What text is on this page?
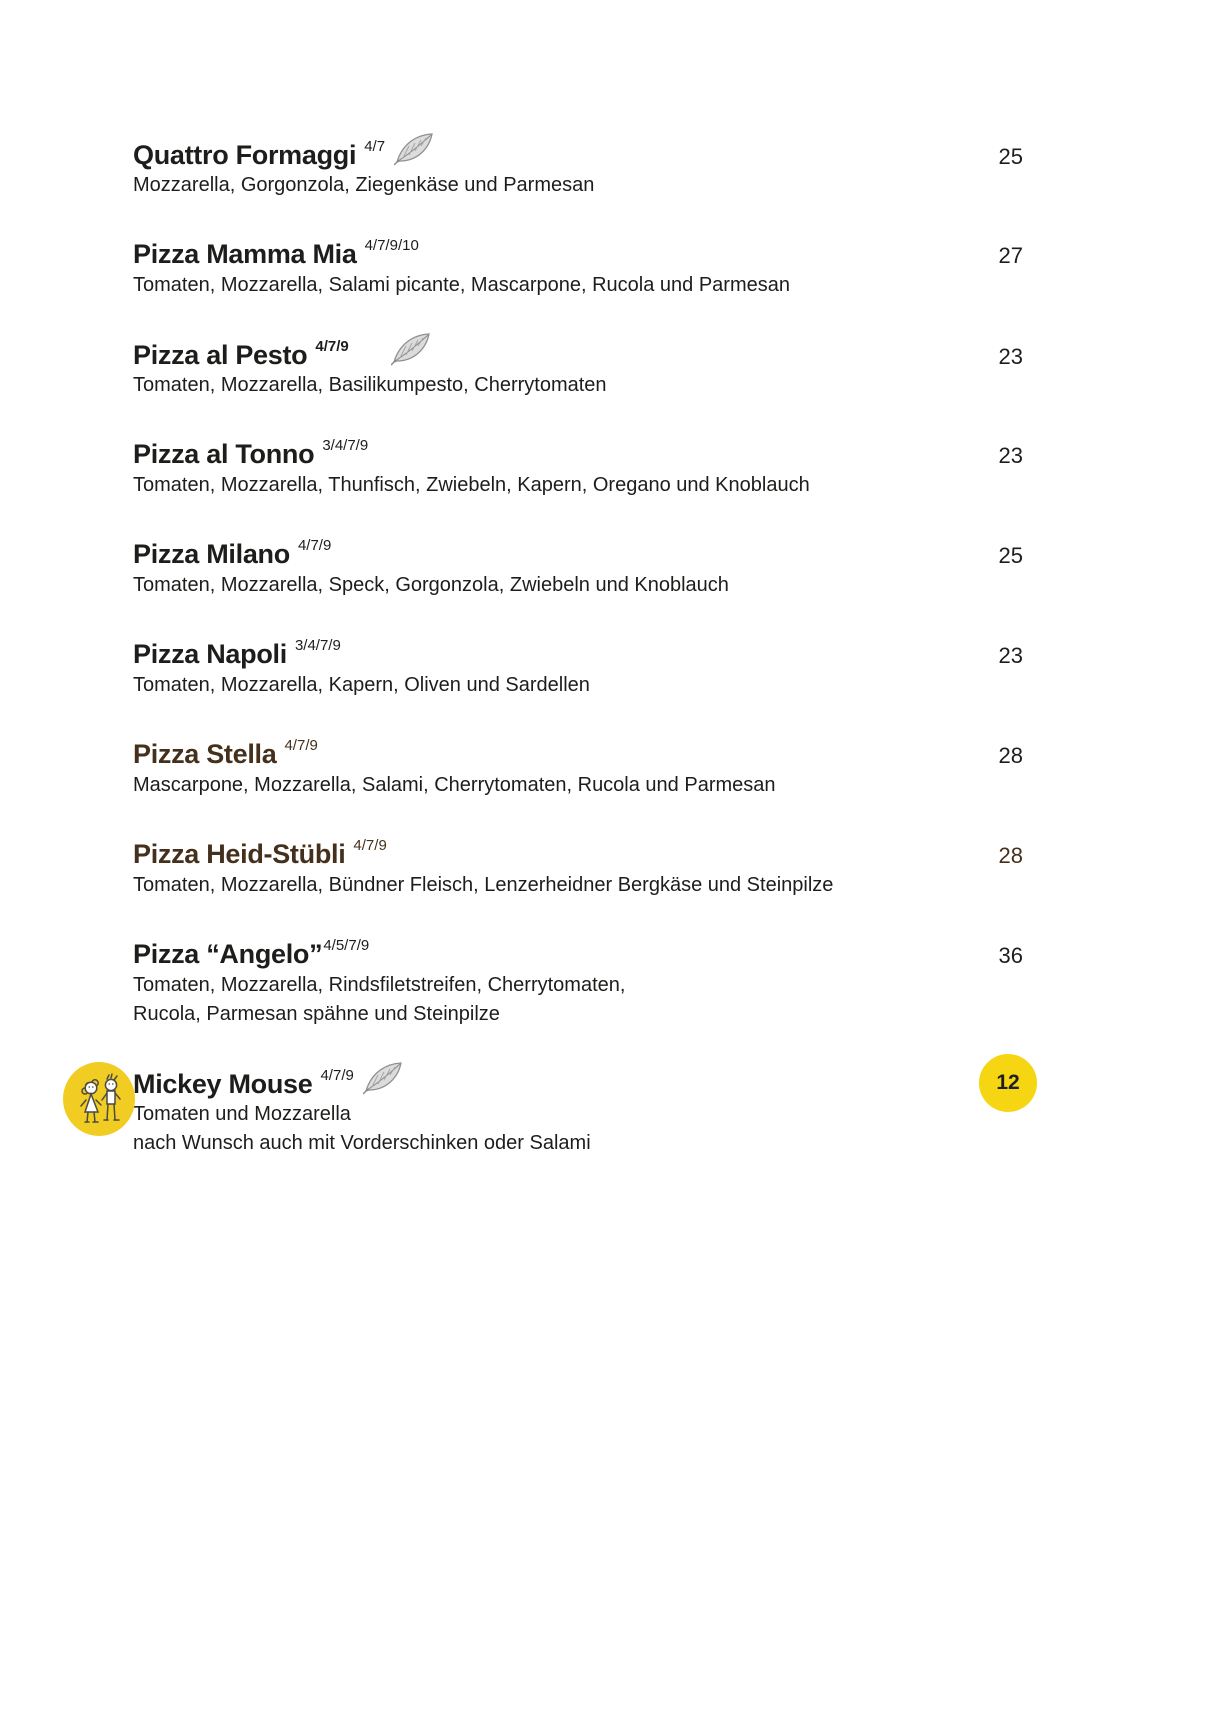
Quattro Formaggi $^{4/7}$	25

Mozzarella, Gorgonzola, Ziegenkäse und Parmesan

Pizza Mamma Mia $^{4/7/9/10}$	27

Tomaten, Mozzarella, Salami picante, Mascarpone, Rucola und Parmesan

Pizza al Pesto $^{4/7/9}$	23

Tomaten, Mozzarella, Basilikumpesto, Cherrytomaten

Pizza al Tonno $^{3/4/7/9}$	23

Tomaten, Mozzarella, Thunfisch, Zwiebeln, Kapern, Oregano und Knoblauch

Pizza Milano $^{4/7/9}$	25

Tomaten, Mozzarella, Speck, Gorgonzola, Zwiebeln und Knoblauch

Pizza Napoli $^{3/4/7/9}$	23

Tomaten, Mozzarella, Kapern, Oliven und Sardellen

Pizza Stella $^{4/7/9}$	28

Mascarpone, Mozzarella, Salami, Cherrytomaten, Rucola und Parmesan

Pizza Heid-Stübli $^{4/7/9}$	28

Tomaten, Mozzarella, Bündner Fleisch, Lenzerheidner Bergkäse und Steinpilze

Pizza “Angelo”$^{4/5/7/9}$	36

Tomaten, Mozzarella, Rindsfiletstreifen, Cherrytomaten,

Rucola, Parmesan spähne und Steinpilze

Mickey Mouse $^{4/7/9}$	12

Tomaten und Mozzarella

nach Wunsch auch mit Vorderschinken oder Salami
